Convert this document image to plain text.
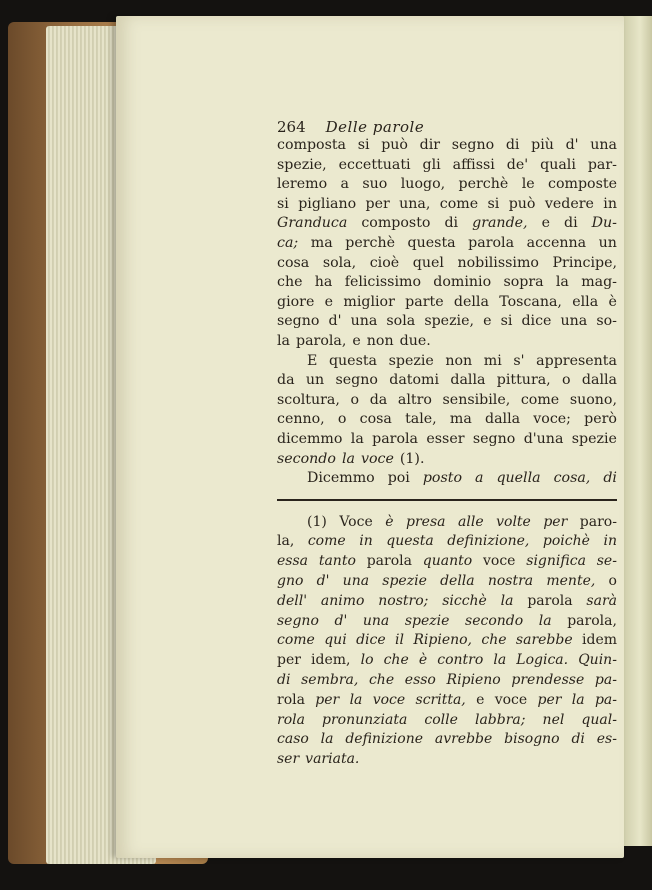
264 Delle parole
composta si può dir segno di più d' una
spezie, eccettuati gli affissi de' quali par-
leremo a suo luogo, perchè le composte
si pigliano per una, come si può vedere in
Granduca composto di grande, e di Du-
ca; ma perchè questa parola accenna un
cosa sola, cioè quel nobilissimo Principe,
che ha felicissimo dominio sopra la mag-
giore e miglior parte della Toscana, ella è
segno d' una sola spezie, e si dice una so-
la parola, e non due.
E questa spezie non mi s' appresenta
da un segno datomi dalla pittura, o dalla
scoltura, o da altro sensibile, come suono,
cenno, o cosa tale, ma dalla voce; però
dicemmo la parola esser segno d'una spezie
secondo la voce (1).
Dicemmo poi posto a quella cosa, di
(1) Voce è presa alle volte per paro-
la, come in questa definizione, poichè in
essa tanto parola quanto voce significa se-
gno d' una spezie della nostra mente, o
dell' animo nostro; sicchè la parola sarà
segno d' una spezie secondo la parola,
come qui dice il Ripieno, che sarebbe idem
per idem, lo che è contro la Logica. Quin-
di sembra, che esso Ripieno prendesse pa-
rola per la voce scritta, e voce per la pa-
rola pronunziata colle labbra; nel qual-
caso la definizione avrebbe bisogno di es-
ser variata.
